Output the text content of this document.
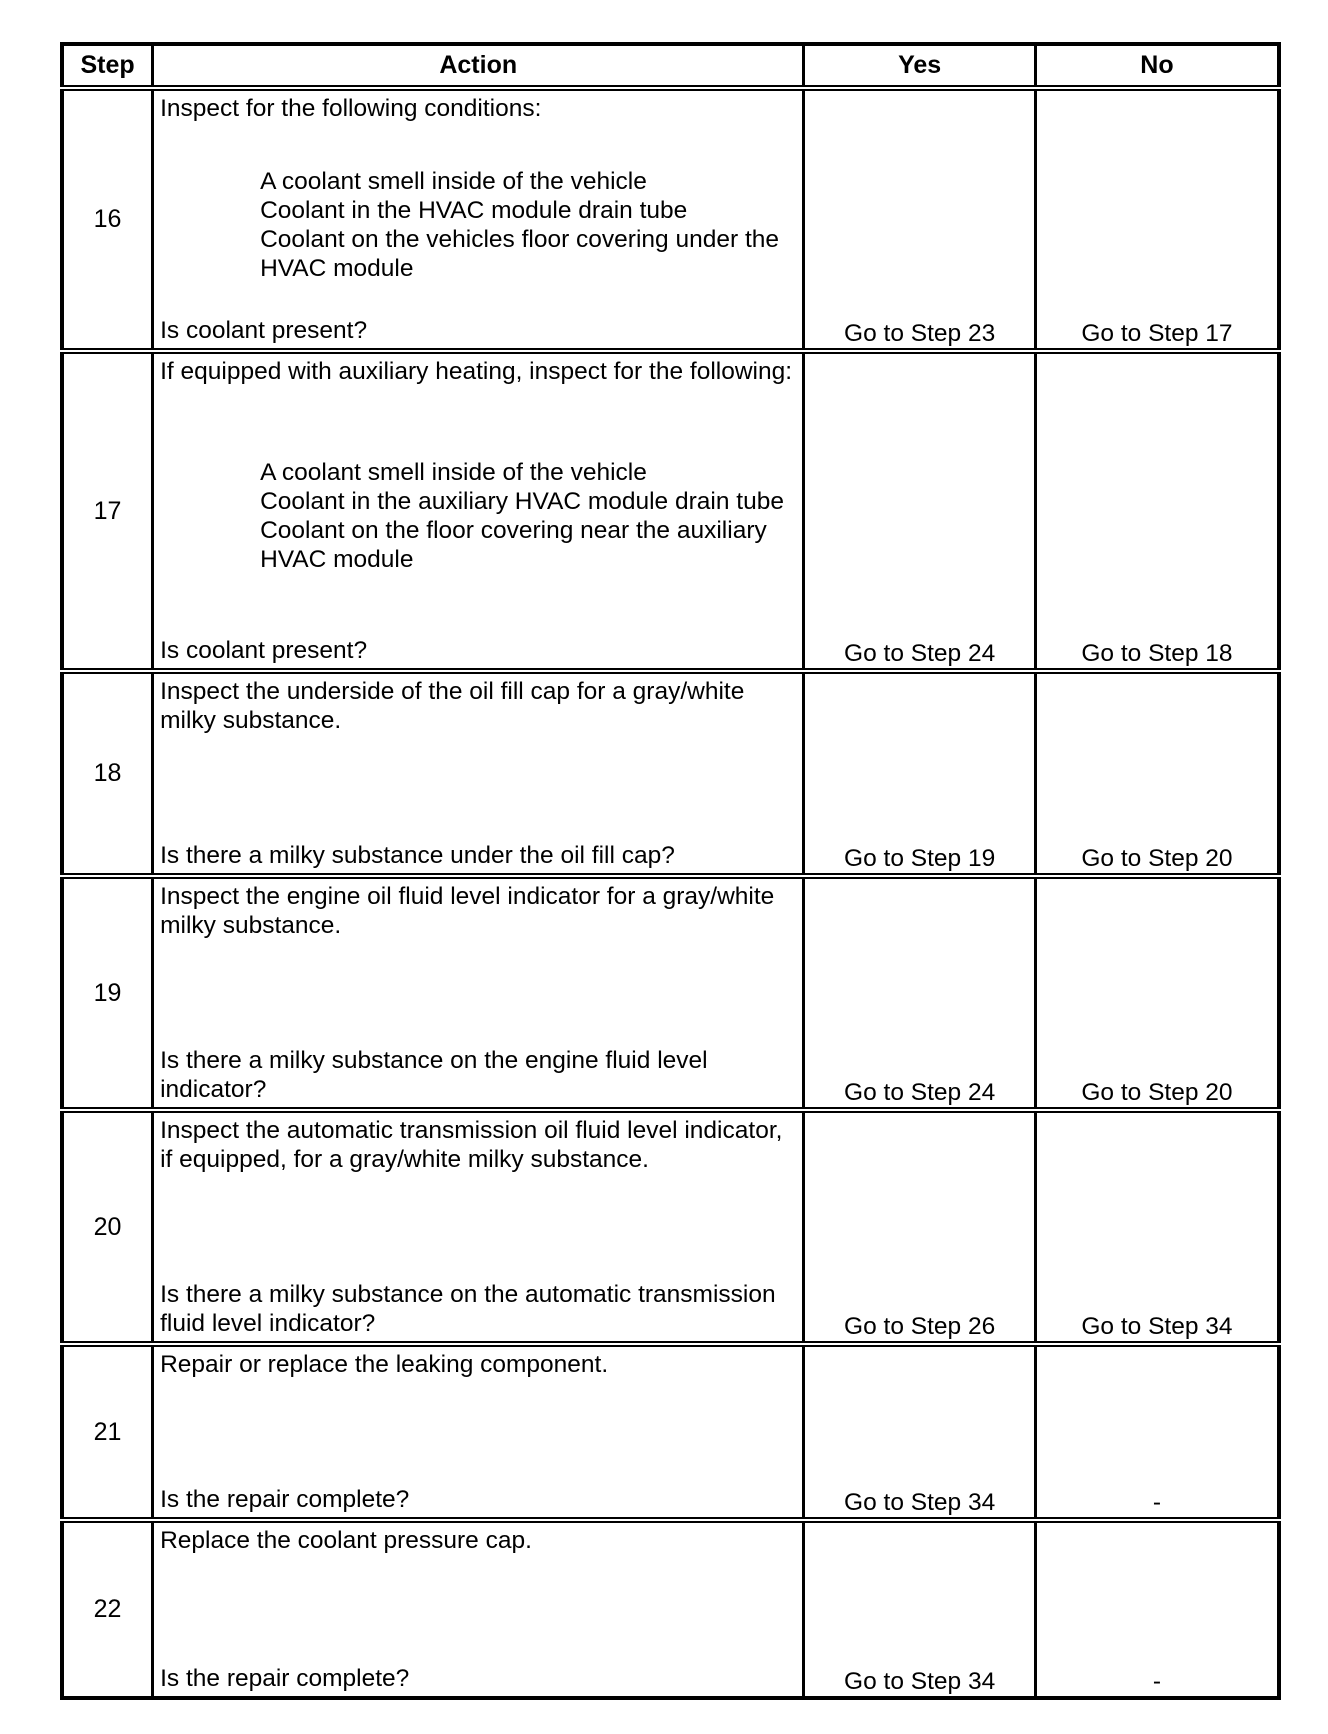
Step	Action	Yes	No
16	Inspect for the following conditions:
A coolant smell inside of the vehicle
Coolant in the HVAC module drain tube
Coolant on the vehicles floor covering under the HVAC module
Is coolant present?	Go to Step 23	Go to Step 17
17	If equipped with auxiliary heating, inspect for the following:
A coolant smell inside of the vehicle
Coolant in the auxiliary HVAC module drain tube
Coolant on the floor covering near the auxiliary HVAC module
Is coolant present?	Go to Step 24	Go to Step 18
18	Inspect the underside of the oil fill cap for a gray/white milky substance.
Is there a milky substance under the oil fill cap?	Go to Step 19	Go to Step 20
19	Inspect the engine oil fluid level indicator for a gray/white milky substance.
Is there a milky substance on the engine fluid level indicator?	Go to Step 24	Go to Step 20
20	Inspect the automatic transmission oil fluid level indicator, if equipped, for a gray/white milky substance.
Is there a milky substance on the automatic transmission fluid level indicator?	Go to Step 26	Go to Step 34
21	Repair or replace the leaking component.
Is the repair complete?	Go to Step 34	-
22	Replace the coolant pressure cap.
Is the repair complete?	Go to Step 34	-
